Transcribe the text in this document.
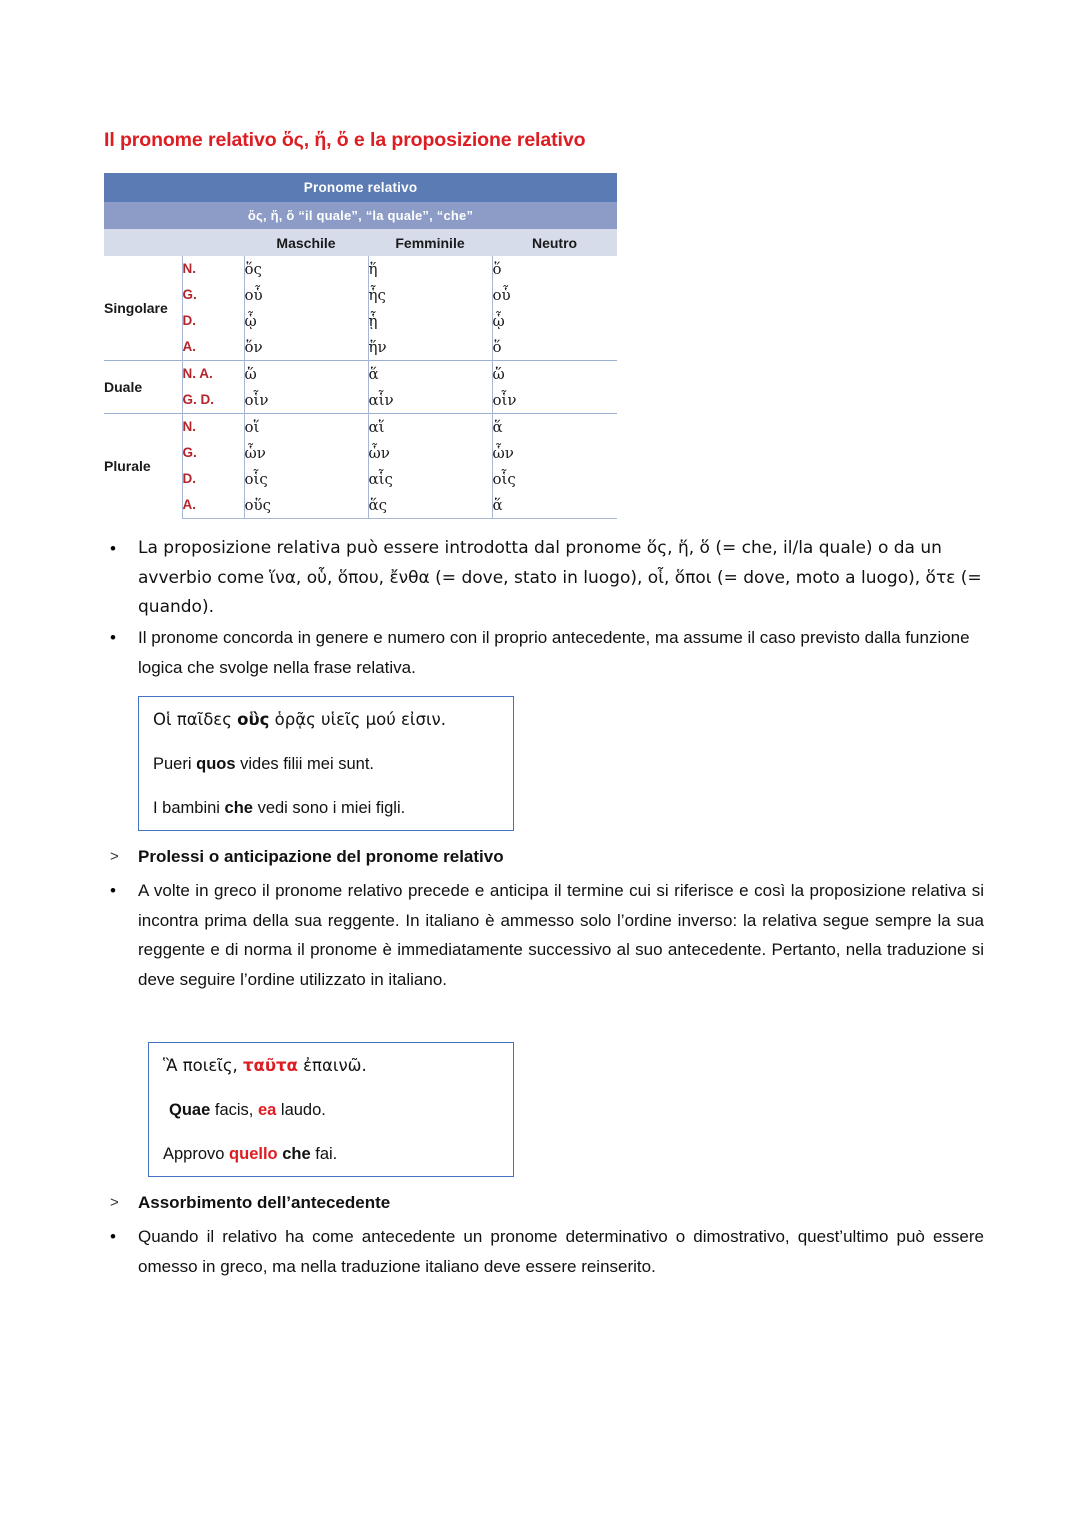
Il pronome relativo ὅς, ἥ, ὅ e la proposizione relativo
Pronome relativo				
ὅς, ἥ, ὅ “il quale”, “la quale”, “che”				
		Maschile	Femminile	Neutro
Singolare	N.	ὅς	ἥ	ὅ
	G.	οὗ	ἧς	οὗ
	D.	ᾧ	ᾗ	ᾧ
	A.	ὅν	ἥν	ὅ
Duale	N. A.	ὥ	ἅ	ὥ
	G. D.	οἷν	αἷν	οἷν
Plurale	N.	οἵ	αἵ	ἅ
	G.	ὧν	ὧν	ὧν
	D.	οἷς	αἷς	οἷς
	A.	οὕς	ἅς	ἅ
•	La proposizione relativa può essere introdotta dal pronome ὅς, ἥ, ὅ (= che, il/la quale) o da un avverbio come ἵνα, οὗ, ὅπου, ἔνθα (= dove, stato in luogo), οἷ, ὅποι (= dove, moto a luogo), ὅτε (= quando).
•	Il pronome concorda in genere e numero con il proprio antecedente, ma assume il caso previsto dalla funzione logica che svolge nella frase relativa.
Οἱ παῖδες οὓς ὁρᾷς υἱεῖς μού εἰσιν.
Pueri quos vides filii mei sunt.
I bambini che vedi sono i miei figli.
>	Prolessi o anticipazione del pronome relativo
•	A volte in greco il pronome relativo precede e anticipa il termine cui si riferisce e così la proposizione relativa si incontra prima della sua reggente. In italiano è ammesso solo l’ordine inverso: la relativa segue sempre la sua reggente e di norma il pronome è immediatamente successivo al suo antecedente. Pertanto, nella traduzione si deve seguire l’ordine utilizzato in italiano.
Ἃ ποιεῖς, ταῦτα ἐπαινῶ.
Quae facis, ea laudo.
Approvo quello che fai.
>	Assorbimento dell’antecedente
•	Quando il relativo ha come antecedente un pronome determinativo o dimostrativo, quest’ultimo può essere omesso in greco, ma nella traduzione italiano deve essere reinserito.
